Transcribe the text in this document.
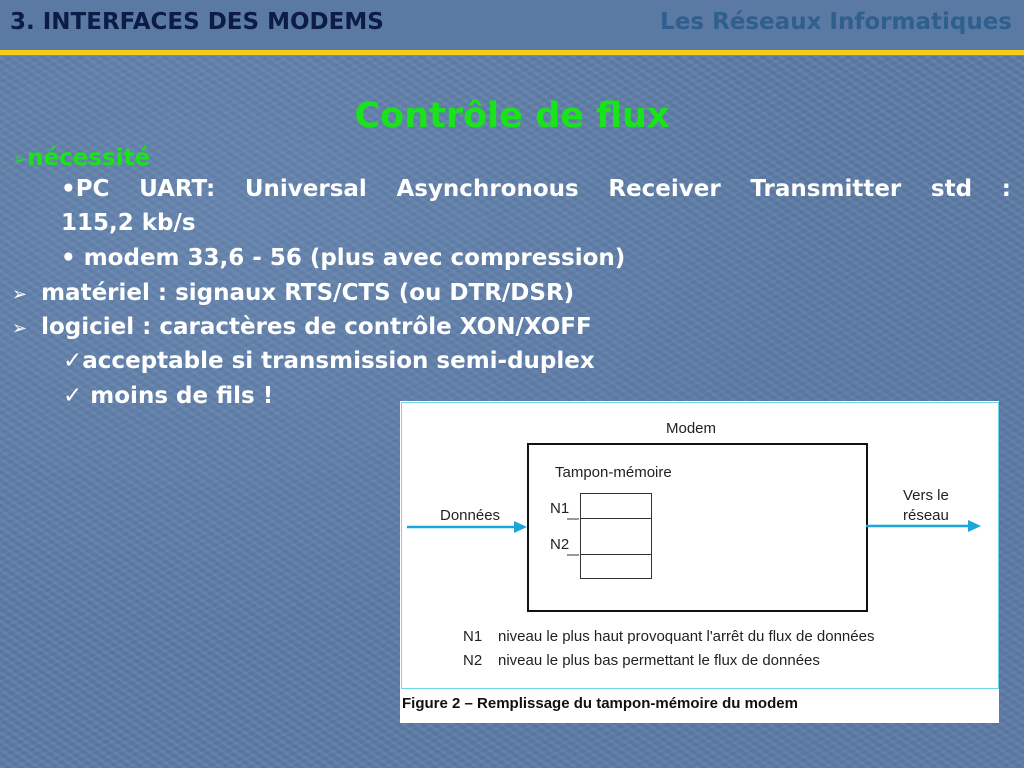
3. INTERFACES DES MODEMS	Les Réseaux Informatiques
Contrôle de flux
➢nécessité
•PC UART: Universal Asynchronous Receiver Transmitter std :
115,2 kb/s
• modem 33,6 - 56 (plus avec compression)
➢ matériel : signaux RTS/CTS (ou DTR/DSR)
➢ logiciel : caractères de contrôle XON/XOFF
✓acceptable si transmission semi-duplex
✓ moins de fils !
Modem
Tampon-mémoire
N1
N2
Données
Vers le
réseau
N1 niveau le plus haut provoquant l'arrêt du flux de données
N2 niveau le plus bas permettant le flux de données
Figure 2 – Remplissage du tampon-mémoire du modem
